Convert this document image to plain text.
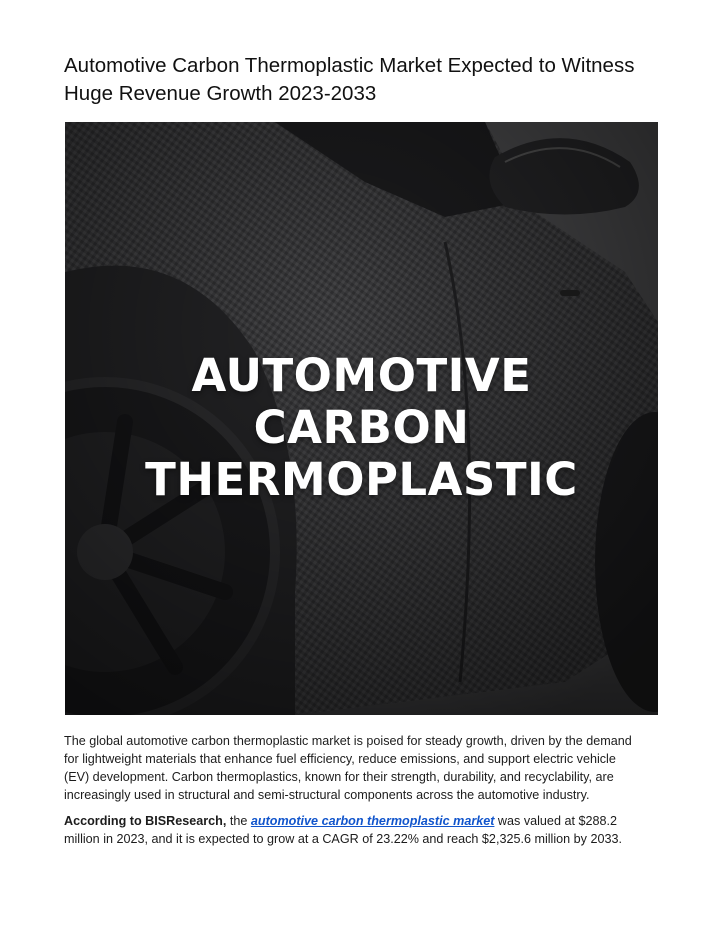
Automotive Carbon Thermoplastic Market Expected to Witness
Huge Revenue Growth 2023-2033
AUTOMOTIVE
CARBON
THERMOPLASTIC
The global automotive carbon thermoplastic market is poised for steady growth, driven by the demand
for lightweight materials that enhance fuel efficiency, reduce emissions, and support electric vehicle
(EV) development. Carbon thermoplastics, known for their strength, durability, and recyclability, are
increasingly used in structural and semi-structural components across the automotive industry.
According to BISResearch, the automotive carbon thermoplastic market was valued at $288.2
million in 2023, and it is expected to grow at a CAGR of 23.22% and reach $2,325.6 million by 2033.
